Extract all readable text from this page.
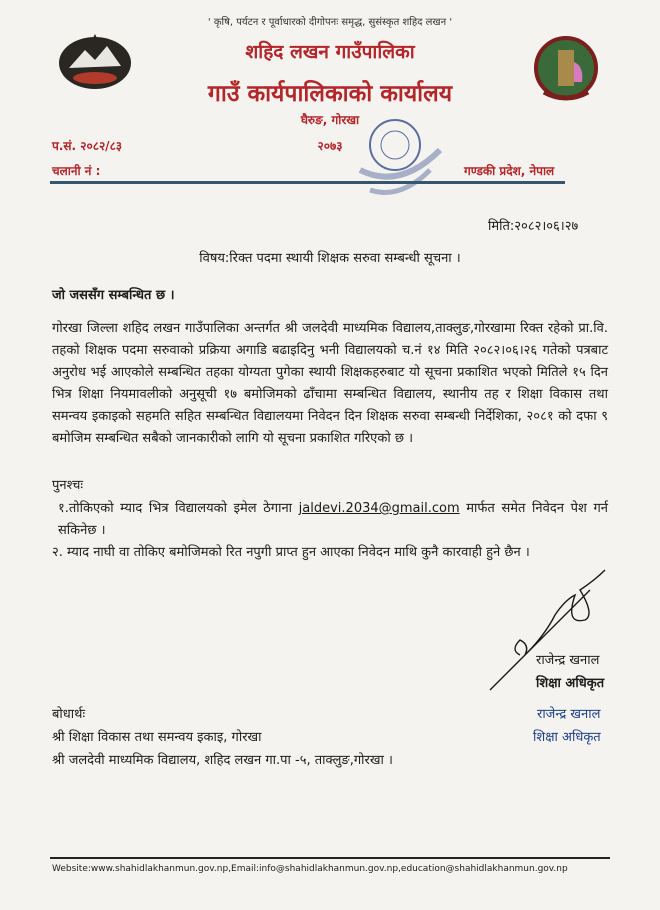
' कृषि, पर्यटन र पूर्वाधारको दीगोपनः समृद्ध, सुसंस्कृत शहिद लखन '
शहिद लखन गाउँपालिका
गाउँ कार्यपालिकाको कार्यालय
घैरुङ, गोरखा
२०७३
प.सं. २०८२/८३
चलानी नं :	गण्डकी प्रदेश, नेपाल
मिति:२०८२।०६।२७
विषय:रिक्त पदमा स्थायी शिक्षक सरुवा सम्बन्धी सूचना ।
जो जससँग सम्बन्धित छ ।
गोरखा जिल्ला शहिद लखन गाउँपालिका अन्तर्गत श्री जलदेवी माध्यमिक विद्यालय,ताक्लुङ,गोरखामा रिक्त रहेको प्रा.वि. तहको शिक्षक पदमा सरुवाको प्रक्रिया अगाडि बढाइदिनु भनी विद्यालयको च.नं १४ मिति २०८२।०६।२६ गतेको पत्रबाट अनुरोध भई आएकोले सम्बन्धित तहका योग्यता पुगेका स्थायी शिक्षकहरुबाट यो सूचना प्रकाशित भएको मितिले १५ दिन भित्र शिक्षा नियमावलीको अनुसूची १७ बमोजिमको ढाँचामा सम्बन्धित विद्यालय, स्थानीय तह र शिक्षा विकास तथा समन्वय इकाइको सहमति सहित सम्बन्धित विद्यालयमा निवेदन दिन शिक्षक सरुवा सम्बन्धी निर्देशिका, २०८१ को दफा ९ बमोजिम सम्बन्धित सबैको जानकारीको लागि यो सूचना प्रकाशित गरिएको छ ।
पुनश्चः
१.तोकिएको म्याद भित्र विद्यालयको इमेल ठेगाना jaldevi.2034@gmail.com मार्फत समेत निवेदन पेश गर्न सकिनेछ ।
२. म्याद नाघी वा तोकिए बमोजिमको रित नपुगी प्राप्त हुन आएका निवेदन माथि कुनै कारवाही हुने छैन ।
राजेन्द्र खनाल
शिक्षा अधिकृत
राजेन्द्र खनाल
शिक्षा अधिकृत
बोधार्थः
श्री शिक्षा विकास तथा समन्वय इकाइ, गोरखा
श्री जलदेवी माध्यमिक विद्यालय, शहिद लखन गा.पा -५, ताक्लुङ,गोरखा ।
Website:www.shahidlakhanmun.gov.np,Email:info@shahidlakhanmun.gov.np,education@shahidlakhanmun.gov.np
